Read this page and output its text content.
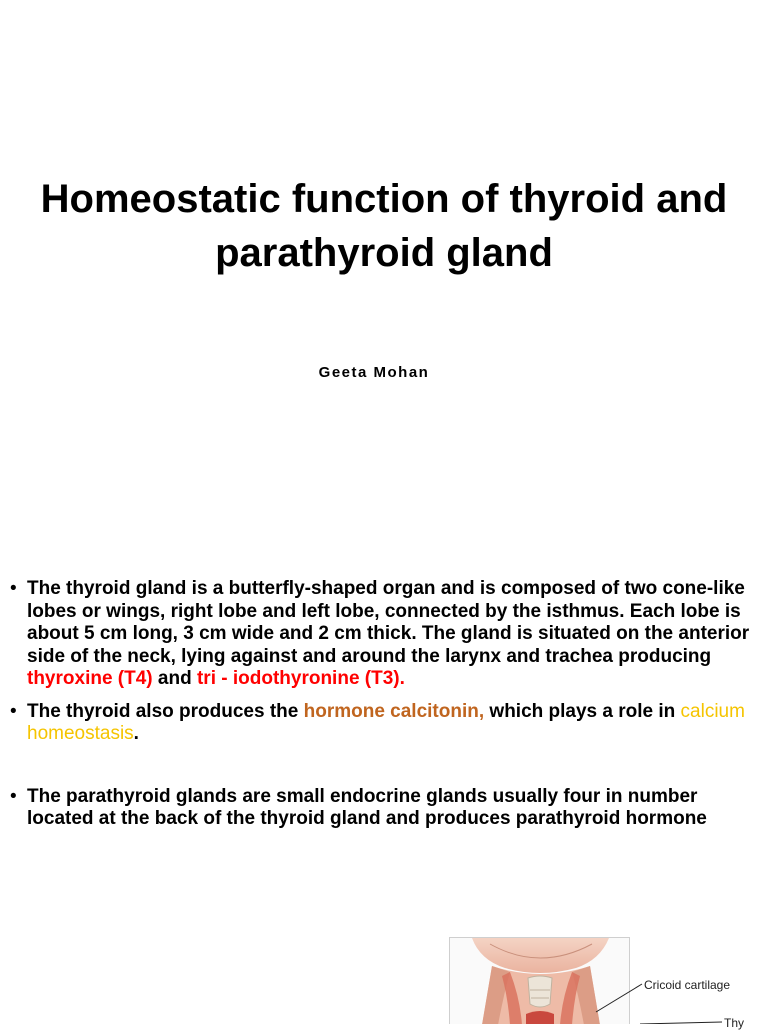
Homeostatic function of thyroid and parathyroid gland
Geeta Mohan
• The thyroid gland is a butterfly-shaped organ and is composed of two cone-like lobes or wings, right lobe and left lobe, connected by the isthmus. Each lobe is about 5 cm long, 3 cm wide and 2 cm thick. The gland is situated on the anterior side of the neck, lying against and around the larynx and trachea producing thyroxine (T4) and tri - iodothyronine (T3).
• The thyroid also produces the hormone calcitonin, which plays a role in calcium homeostasis.
• The parathyroid glands are small endocrine glands usually four in number located at the back of the thyroid gland and produces parathyroid hormone
Cricoid cartilage
Thy
